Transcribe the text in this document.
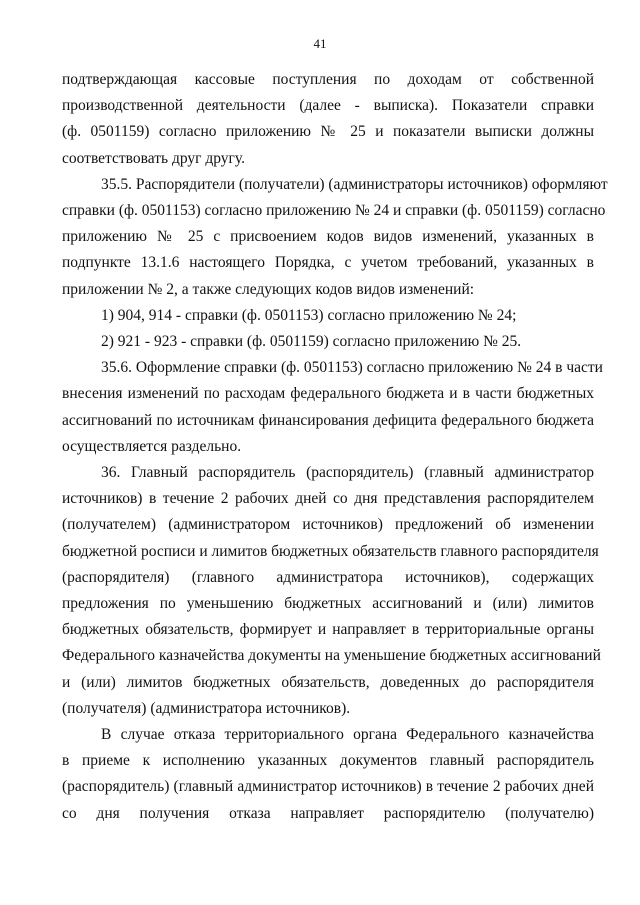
41
подтверждающая кассовые поступления по доходам от собственной
производственной деятельности (далее - выписка). Показатели справки
(ф. 0501159) согласно приложению № 25 и показатели выписки должны
соответствовать друг другу.
35.5. Распорядители (получатели) (администраторы источников) оформляют
справки (ф. 0501153) согласно приложению № 24 и справки (ф. 0501159) согласно
приложению № 25 с присвоением кодов видов изменений, указанных в
подпункте 13.1.6 настоящего Порядка, с учетом требований, указанных в
приложении № 2, а также следующих кодов видов изменений:
1) 904, 914 - справки (ф. 0501153) согласно приложению № 24;
2) 921 - 923 - справки (ф. 0501159) согласно приложению № 25.
35.6. Оформление справки (ф. 0501153) согласно приложению № 24 в части
внесения изменений по расходам федерального бюджета и в части бюджетных
ассигнований по источникам финансирования дефицита федерального бюджета
осуществляется раздельно.
36. Главный распорядитель (распорядитель) (главный администратор
источников) в течение 2 рабочих дней со дня представления распорядителем
(получателем) (администратором источников) предложений об изменении
бюджетной росписи и лимитов бюджетных обязательств главного распорядителя
(распорядителя) (главного администратора источников), содержащих
предложения по уменьшению бюджетных ассигнований и (или) лимитов
бюджетных обязательств, формирует и направляет в территориальные органы
Федерального казначейства документы на уменьшение бюджетных ассигнований
и (или) лимитов бюджетных обязательств, доведенных до распорядителя
(получателя) (администратора источников).
В случае отказа территориального органа Федерального казначейства
в приеме к исполнению указанных документов главный распорядитель
(распорядитель) (главный администратор источников) в течение 2 рабочих дней
со дня получения отказа направляет распорядителю (получателю)
